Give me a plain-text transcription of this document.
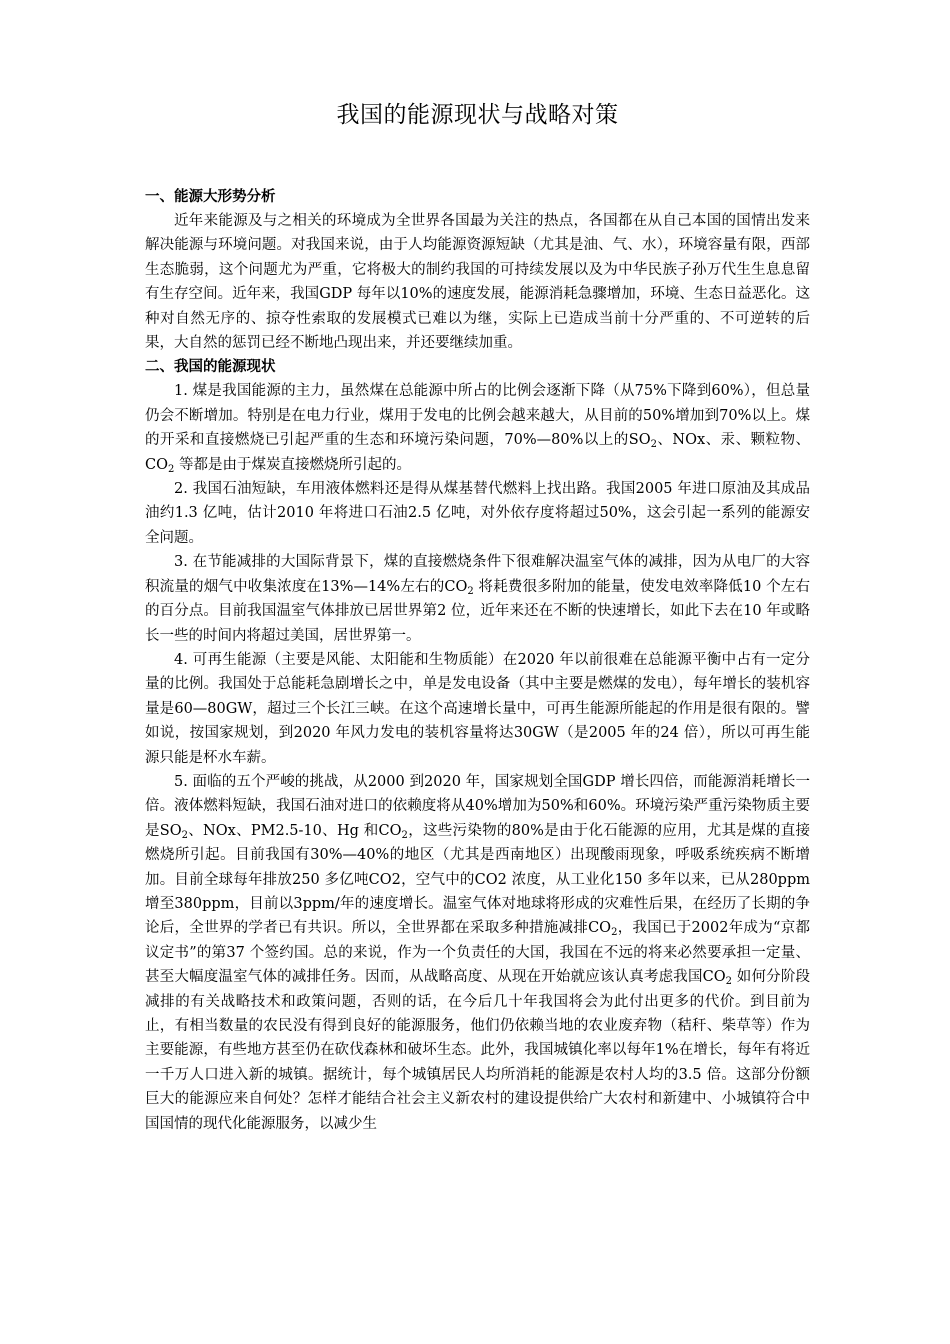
我国的能源现状与战略对策

一、能源大形势分析

近年来能源及与之相关的环境成为全世界各国最为关注的热点，各国都在从自己本国的国情出发来解决能源与环境问题。对我国来说，由于人均能源资源短缺（尤其是油、气、水），环境容量有限，西部生态脆弱，这个问题尤为严重，它将极大的制约我国的可持续发展以及为中华民族子孙万代生生息息留有生存空间。近年来，我国GDP 每年以10%的速度发展，能源消耗急骤增加，环境、生态日益恶化。这种对自然无序的、掠夺性索取的发展模式已难以为继，实际上已造成当前十分严重的、不可逆转的后果，大自然的惩罚已经不断地凸现出来，并还要继续加重。

二、我国的能源现状

1. 煤是我国能源的主力，虽然煤在总能源中所占的比例会逐渐下降（从75%下降到60%），但总量仍会不断增加。特别是在电力行业，煤用于发电的比例会越来越大，从目前的50%增加到70%以上。煤的开采和直接燃烧已引起严重的生态和环境污染问题，70%—80%以上的$SO_2$、NOx、汞、颗粒物、$CO_2$ 等都是由于煤炭直接燃烧所引起的。

2. 我国石油短缺，车用液体燃料还是得从煤基替代燃料上找出路。我国2005 年进口原油及其成品油约1.3 亿吨，估计2010 年将进口石油2.5 亿吨，对外依存度将超过50%，这会引起一系列的能源安全问题。

3. 在节能减排的大国际背景下，煤的直接燃烧条件下很难解决温室气体的减排，因为从电厂的大容积流量的烟气中收集浓度在13%—14%左右的$CO_2$ 将耗费很多附加的能量，使发电效率降低10 个左右的百分点。目前我国温室气体排放已居世界第2 位，近年来还在不断的快速增长，如此下去在10 年或略长一些的时间内将超过美国，居世界第一。

4. 可再生能源（主要是风能、太阳能和生物质能）在2020 年以前很难在总能源平衡中占有一定分量的比例。我国处于总能耗急剧增长之中，单是发电设备（其中主要是燃煤的发电），每年增长的装机容量是60—80GW，超过三个长江三峡。在这个高速增长量中，可再生能源所能起的作用是很有限的。譬如说，按国家规划，到2020 年风力发电的装机容量将达30GW（是2005 年的24 倍），所以可再生能源只能是杯水车薪。

5. 面临的五个严峻的挑战，从2000 到2020 年，国家规划全国GDP 增长四倍，而能源消耗增长一倍。液体燃料短缺，我国石油对进口的依赖度将从40%增加为50%和60%。环境污染严重污染物质主要是$SO_2$、NOx、PM2.5-10、Hg 和$CO_2$，这些污染物的80%是由于化石能源的应用，尤其是煤的直接燃烧所引起。目前我国有30%—40%的地区（尤其是西南地区）出现酸雨现象，呼吸系统疾病不断增加。目前全球每年排放250 多亿吨CO2，空气中的CO2 浓度，从工业化150 多年以来，已从280ppm增至380ppm，目前以3ppm/年的速度增长。温室气体对地球将形成的灾难性后果，在经历了长期的争论后，全世界的学者已有共识。所以，全世界都在采取多种措施减排$CO_2$，我国已于2002年成为“京都议定书”的第37 个签约国。总的来说，作为一个负责任的大国，我国在不远的将来必然要承担一定量、甚至大幅度温室气体的减排任务。因而，从战略高度、从现在开始就应该认真考虑我国$CO_2$ 如何分阶段减排的有关战略技术和政策问题，否则的话，在今后几十年我国将会为此付出更多的代价。到目前为止，有相当数量的农民没有得到良好的能源服务，他们仍依赖当地的农业废弃物（秸秆、柴草等）作为主要能源，有些地方甚至仍在砍伐森林和破坏生态。此外，我国城镇化率以每年1%在增长，每年有将近一千万人口进入新的城镇。据统计，每个城镇居民人均所消耗的能源是农村人均的3.5 倍。这部分份额巨大的能源应来自何处？怎样才能结合社会主义新农村的建设提供给广大农村和新建中、小城镇符合中国国情的现代化能源服务，以减少生
